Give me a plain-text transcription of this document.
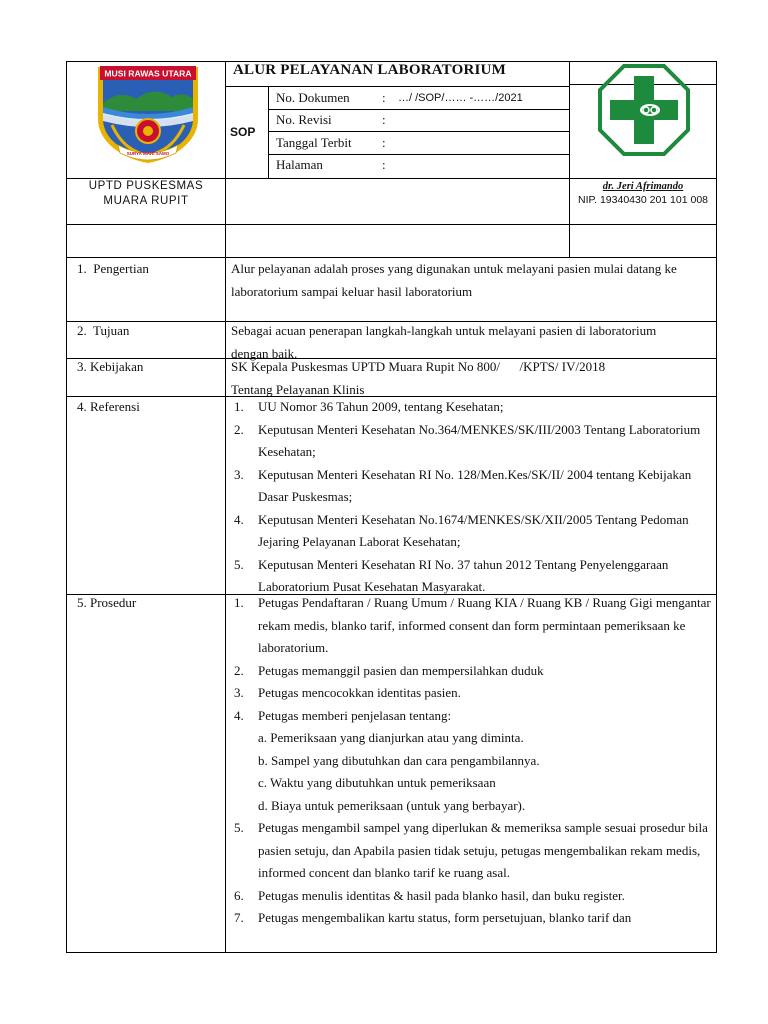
MUSI RAWAS UTARA
SURYA MARI SAMO
ALUR PELAYANAN LABORATORIUM
SOP
No. Dokumen : …/ /SOP/…… -……/2021
No. Revisi	:
Tanggal Terbit :
Halaman	:
UPTD PUSKESMAS MUARA RUPIT
dr. Jeri Afrimando
NIP. 19340430 201 101 008
1.  Pengertian	Alur pelayanan adalah proses yang digunakan untuk melayani pasien mulai datang ke laboratorium sampai keluar hasil laboratorium
2.  Tujuan	Sebagai acuan penerapan langkah-langkah untuk melayani pasien di laboratorium dengan baik.
3. Kebijakan	SK Kepala Puskesmas UPTD Muara Rupit No 800/      /KPTS/ IV/2018
Tentang Pelayanan Klinis
4. Referensi	1. UU Nomor 36 Tahun 2009, tentang Kesehatan;
2. Keputusan Menteri Kesehatan No.364/MENKES/SK/III/2003 Tentang Laboratorium Kesehatan;
3. Keputusan Menteri Kesehatan RI No. 128/Men.Kes/SK/II/ 2004 tentang Kebijakan Dasar Puskesmas;
4. Keputusan Menteri Kesehatan No.1674/MENKES/SK/XII/2005 Tentang Pedoman Jejaring Pelayanan Laborat Kesehatan;
5. Keputusan Menteri Kesehatan RI No. 37 tahun 2012 Tentang Penyelenggaraan Laboratorium Pusat Kesehatan Masyarakat.
5. Prosedur	1. Petugas Pendaftaran / Ruang Umum / Ruang KIA / Ruang KB / Ruang Gigi mengantar rekam medis, blanko tarif, informed consent dan form permintaan pemeriksaan ke laboratorium.
2. Petugas memanggil pasien dan mempersilahkan duduk
3. Petugas mencocokkan identitas pasien.
4. Petugas memberi penjelasan tentang:
a. Pemeriksaan yang dianjurkan atau yang diminta.
b. Sampel yang dibutuhkan dan cara pengambilannya.
c. Waktu yang dibutuhkan untuk pemeriksaan
d. Biaya untuk pemeriksaan (untuk yang berbayar).
5. Petugas mengambil sampel yang diperlukan & memeriksa sample sesuai prosedur bila pasien setuju, dan Apabila pasien tidak setuju, petugas mengembalikan rekam medis, informed concent dan blanko tarif ke ruang asal.
6. Petugas menulis identitas & hasil pada blanko hasil, dan buku register.
7. Petugas mengembalikan kartu status, form persetujuan, blanko tarif dan
